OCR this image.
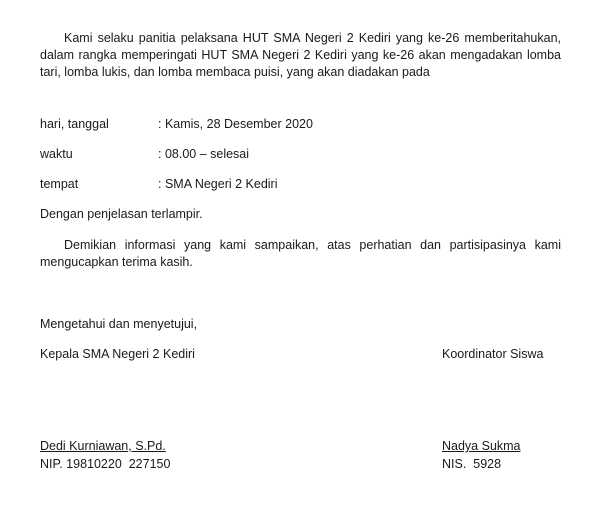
Kami selaku panitia pelaksana HUT SMA Negeri 2 Kediri yang ke-26 memberitahukan, dalam rangka memperingati HUT SMA Negeri 2 Kediri yang ke-26 akan mengadakan lomba tari, lomba lukis, dan lomba membaca puisi, yang akan diadakan pada

hari, tanggal	: Kamis, 28 Desember 2020
waktu	: 08.00 – selesai
tempat	: SMA Negeri 2 Kediri
Dengan penjelasan terlampir.

Demikian informasi yang kami sampaikan, atas perhatian dan partisipasinya kami mengucapkan terima kasih.

Mengetahui dan menyetujui,
Kepala SMA Negeri 2 Kediri	Koordinator Siswa
Dedi Kurniawan, S.Pd.	Nadya Sukma
NIP. 19810220  227150	NIS.  5928
